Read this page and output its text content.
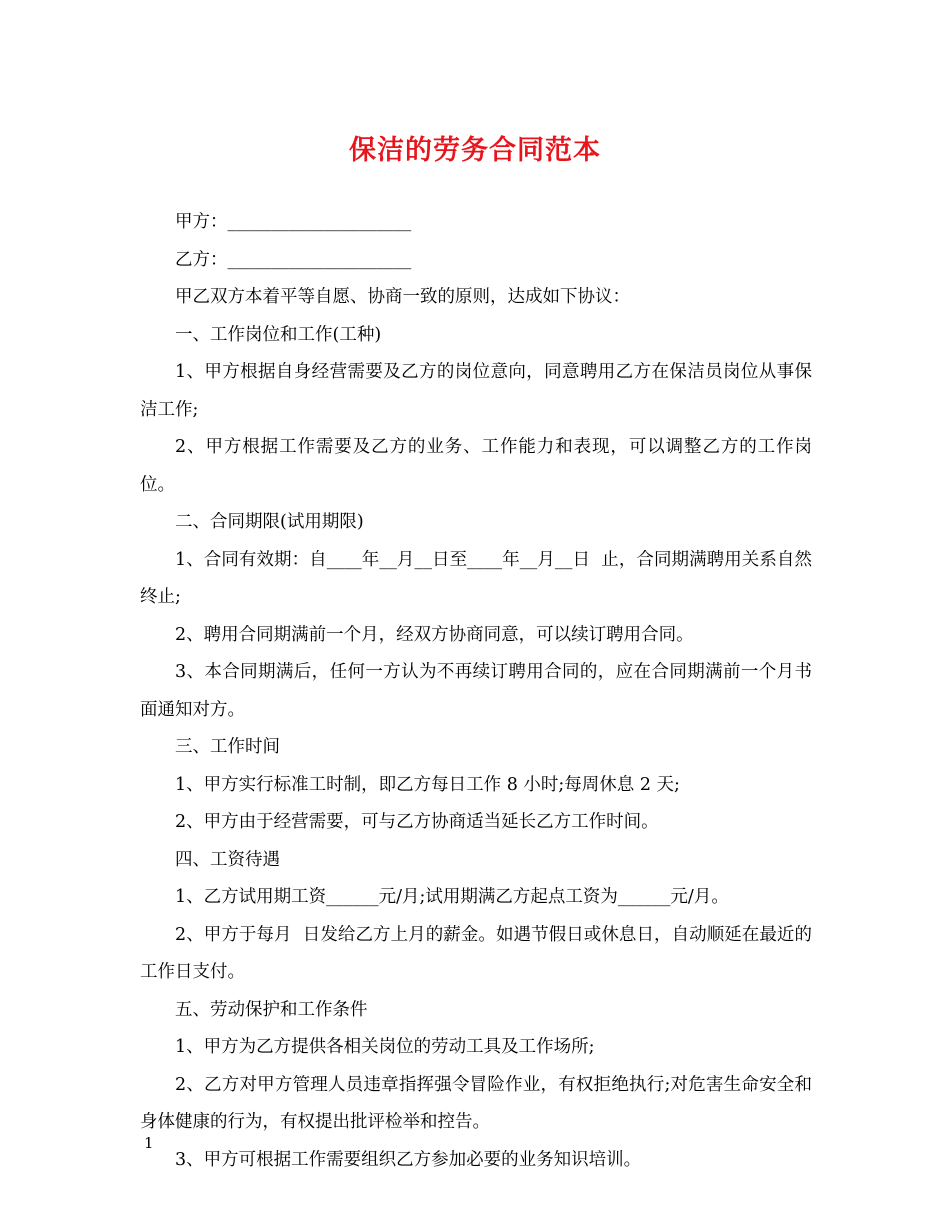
保洁的劳务合同范本

甲方：_____________________

乙方：_____________________

甲乙双方本着平等自愿、协商一致的原则，达成如下协议：

一、工作岗位和工作(工种)

1、甲方根据自身经营需要及乙方的岗位意向，同意聘用乙方在保洁员岗位从事保洁工作;

2、甲方根据工作需要及乙方的业务、工作能力和表现，可以调整乙方的工作岗位。

二、合同期限(试用期限)

1、合同有效期：自____年__月__日至____年__月__日  止，合同期满聘用关系自然终止;

2、聘用合同期满前一个月，经双方协商同意，可以续订聘用合同。

3、本合同期满后，任何一方认为不再续订聘用合同的，应在合同期满前一个月书面通知对方。

三、工作时间

1、甲方实行标准工时制，即乙方每日工作 8 小时;每周休息 2 天;

2、甲方由于经营需要，可与乙方协商适当延长乙方工作时间。

四、工资待遇

1、乙方试用期工资______元/月;试用期满乙方起点工资为______元/月。

2、甲方于每月  日发给乙方上月的薪金。如遇节假日或休息日，自动顺延在最近的工作日支付。

五、劳动保护和工作条件

1、甲方为乙方提供各相关岗位的劳动工具及工作场所;

2、乙方对甲方管理人员违章指挥强令冒险作业，有权拒绝执行;对危害生命安全和身体健康的行为，有权提出批评检举和控告。

3、甲方可根据工作需要组织乙方参加必要的业务知识培训。

1
